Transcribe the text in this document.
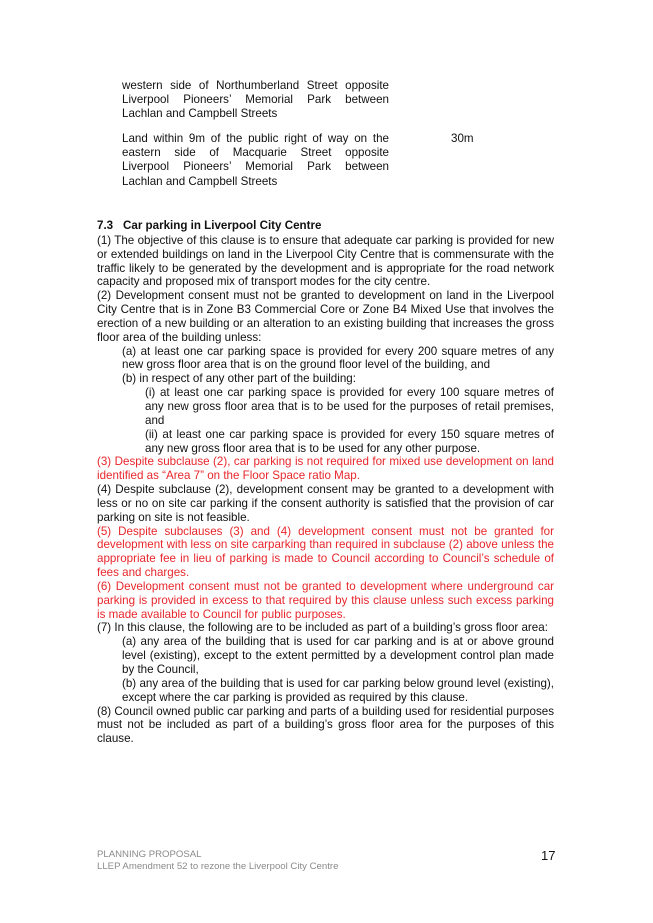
western side of Northumberland Street opposite
Liverpool Pioneers’ Memorial Park between
Lachlan and Campbell Streets
Land within 9m of the public right of way on the
eastern side of Macquarie Street opposite
Liverpool Pioneers’ Memorial Park between
Lachlan and Campbell Streets
30m
7.3 Car parking in Liverpool City Centre
(1) The objective of this clause is to ensure that adequate car parking is provided for new or extended buildings on land in the Liverpool City Centre that is commensurate with the traffic likely to be generated by the development and is appropriate for the road network capacity and proposed mix of transport modes for the city centre.
(2) Development consent must not be granted to development on land in the Liverpool City Centre that is in Zone B3 Commercial Core or Zone B4 Mixed Use that involves the erection of a new building or an alteration to an existing building that increases the gross floor area of the building unless:
(a) at least one car parking space is provided for every 200 square metres of any new gross floor area that is on the ground floor level of the building, and
(b) in respect of any other part of the building:
(i) at least one car parking space is provided for every 100 square metres of any new gross floor area that is to be used for the purposes of retail premises, and
(ii) at least one car parking space is provided for every 150 square metres of any new gross floor area that is to be used for any other purpose.
(3) Despite subclause (2), car parking is not required for mixed use development on land identified as “Area 7” on the Floor Space ratio Map.
(4) Despite subclause (2), development consent may be granted to a development with less or no on site car parking if the consent authority is satisfied that the provision of car parking on site is not feasible.
(5) Despite subclauses (3) and (4) development consent must not be granted for development with less on site carparking than required in subclause (2) above unless the appropriate fee in lieu of parking is made to Council according to Council’s schedule of fees and charges.
(6) Development consent must not be granted to development where underground car parking is provided in excess to that required by this clause unless such excess parking is made available to Council for public purposes.
(7) In this clause, the following are to be included as part of a building’s gross floor area:
(a) any area of the building that is used for car parking and is at or above ground level (existing), except to the extent permitted by a development control plan made by the Council,
(b) any area of the building that is used for car parking below ground level (existing), except where the car parking is provided as required by this clause.
(8) Council owned public car parking and parts of a building used for residential purposes must not be included as part of a building’s gross floor area for the purposes of this clause.
PLANNING PROPOSAL
LLEP Amendment 52 to rezone the Liverpool City Centre
17
